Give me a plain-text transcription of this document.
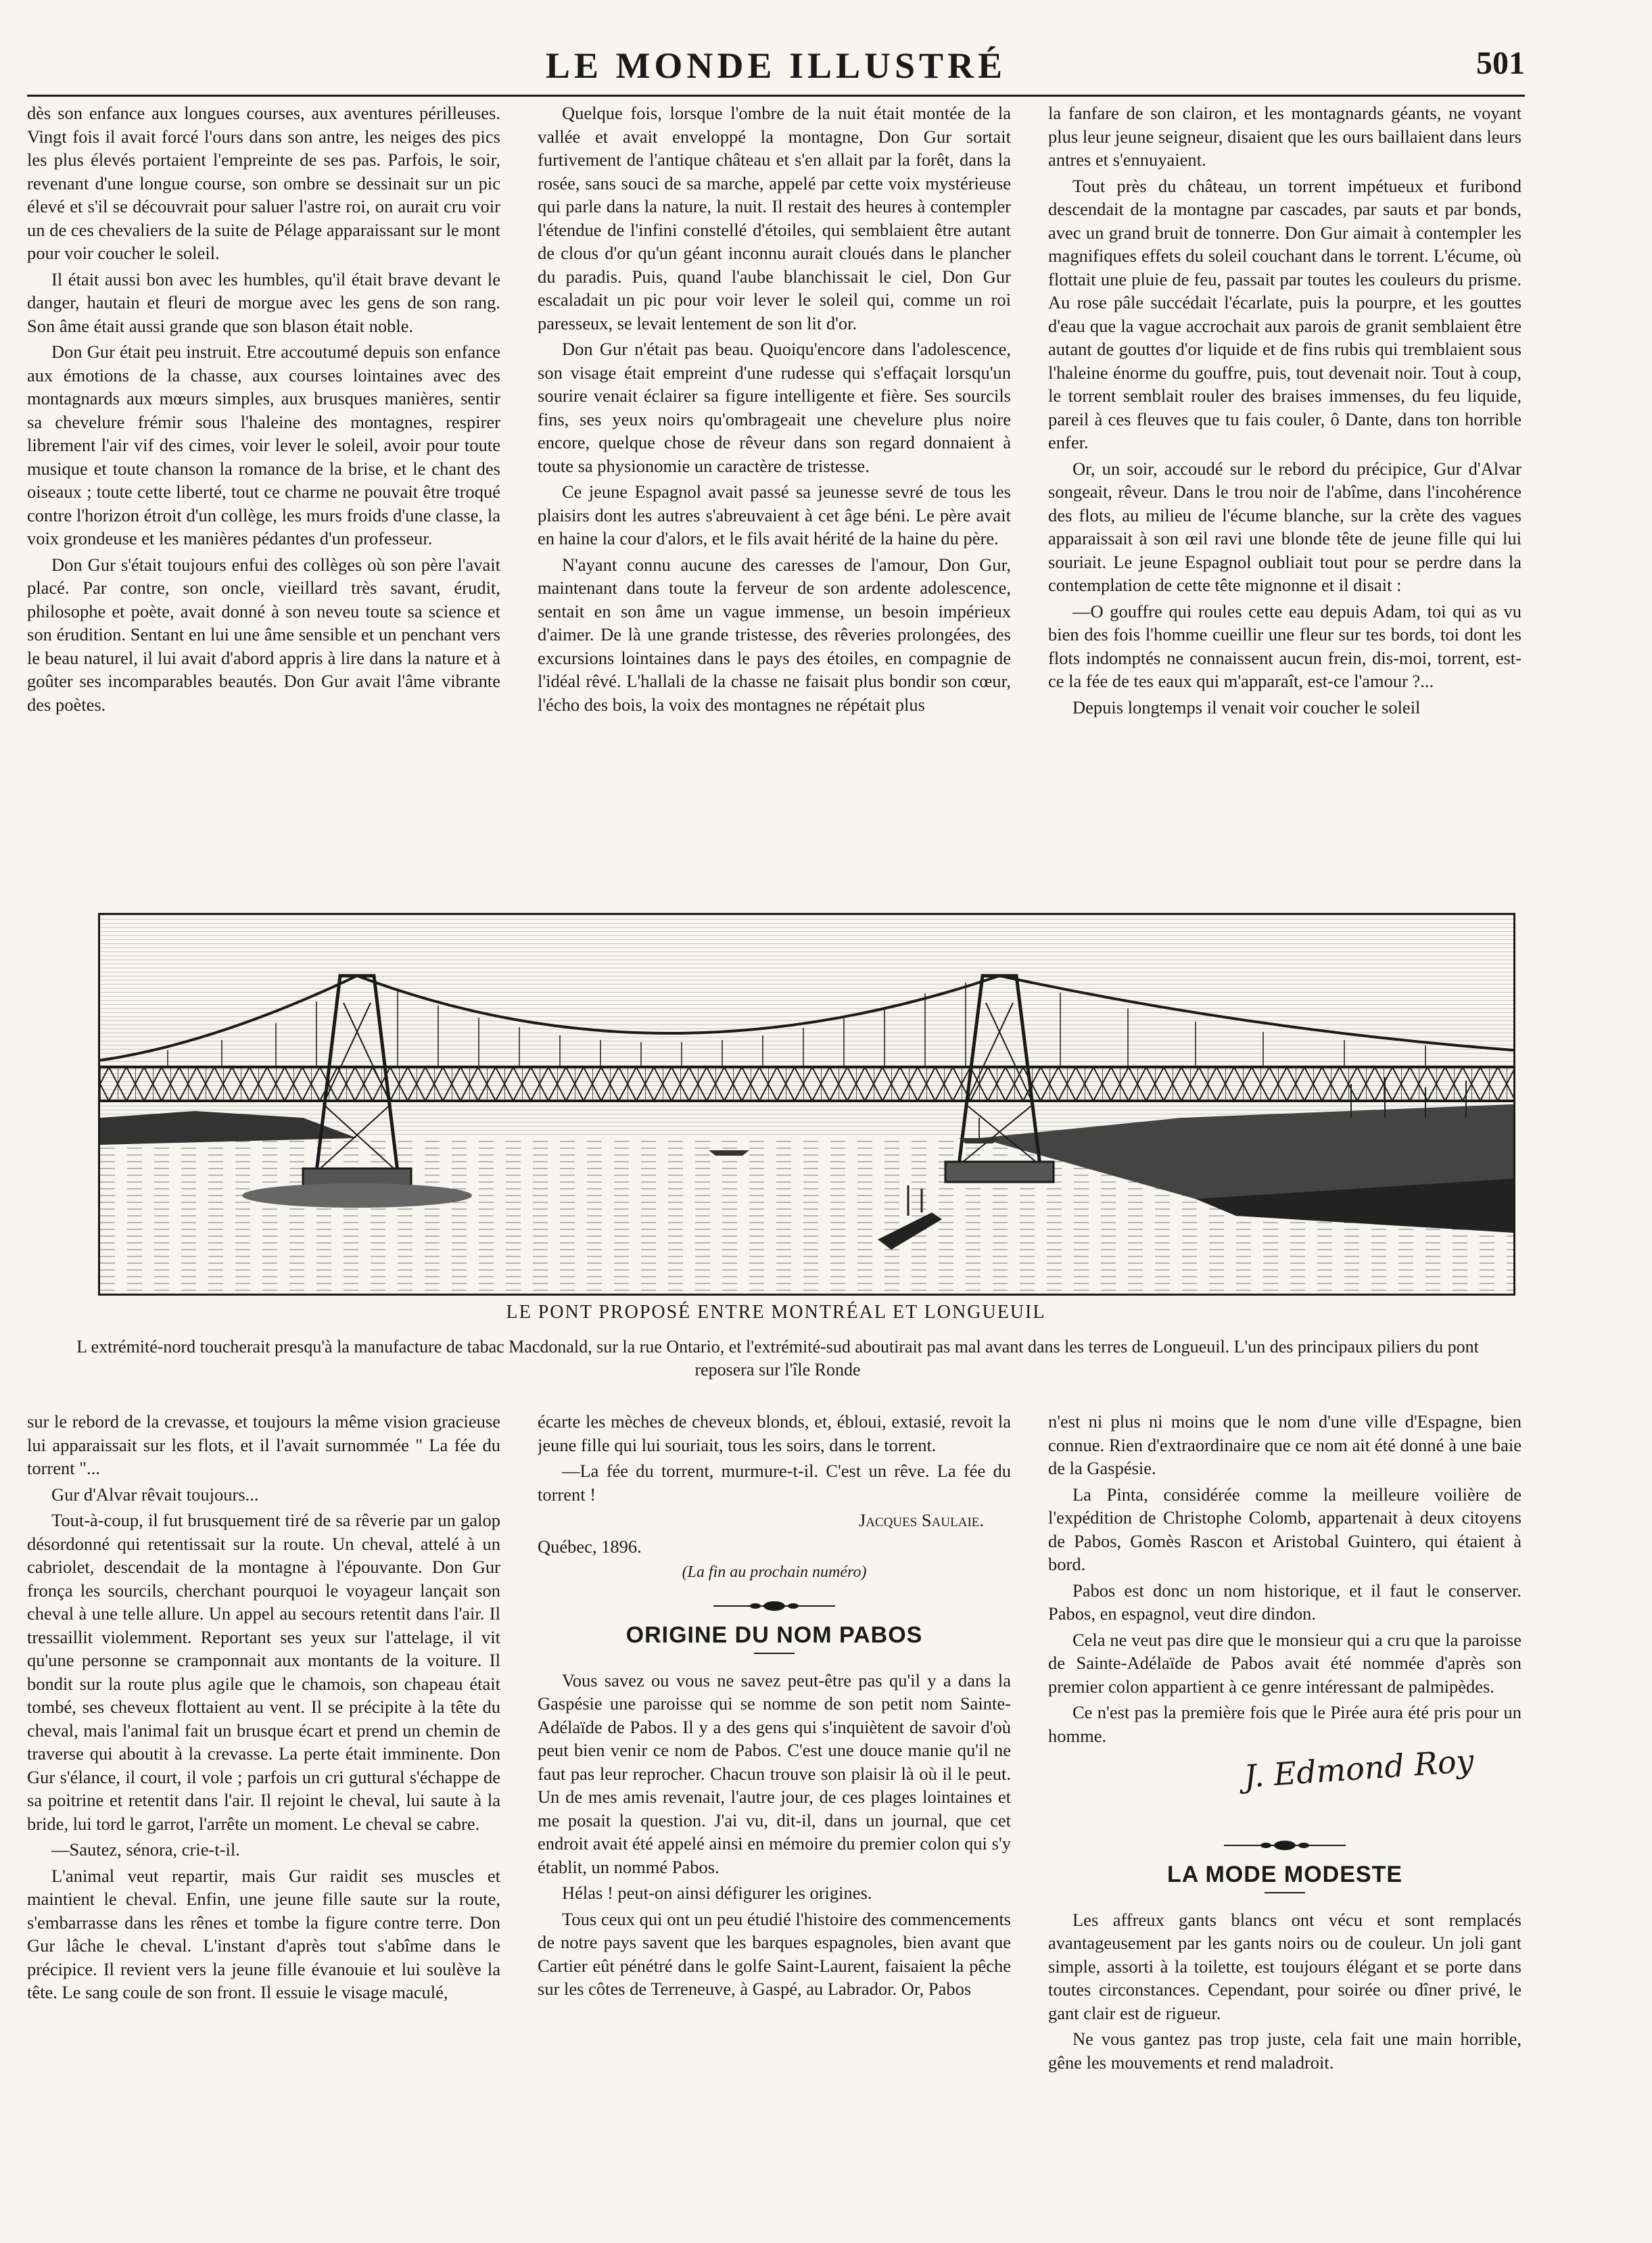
LE MONDE ILLUSTRÉ	501

dès son enfance aux longues courses, aux aventures périlleuses. Vingt fois il avait forcé l'ours dans son antre, les neiges des pics les plus élevés portaient l'empreinte de ses pas. Parfois, le soir, revenant d'une longue course, son ombre se dessinait sur un pic élevé et s'il se découvrait pour saluer l'astre roi, on aurait cru voir un de ces chevaliers de la suite de Pélage apparaissant sur le mont pour voir coucher le soleil.

Il était aussi bon avec les humbles, qu'il était brave devant le danger, hautain et fleuri de morgue avec les gens de son rang. Son âme était aussi grande que son blason était noble.

Don Gur était peu instruit. Etre accoutumé depuis son enfance aux émotions de la chasse, aux courses lointaines avec des montagnards aux mœurs simples, aux brusques manières, sentir sa chevelure frémir sous l'haleine des montagnes, respirer librement l'air vif des cimes, voir lever le soleil, avoir pour toute musique et toute chanson la romance de la brise, et le chant des oiseaux ; toute cette liberté, tout ce charme ne pouvait être troqué contre l'horizon étroit d'un collège, les murs froids d'une classe, la voix grondeuse et les manières pédantes d'un professeur.

Don Gur s'était toujours enfui des collèges où son père l'avait placé. Par contre, son oncle, vieillard très savant, érudit, philosophe et poète, avait donné à son neveu toute sa science et son érudition. Sentant en lui une âme sensible et un penchant vers le beau naturel, il lui avait d'abord appris à lire dans la nature et à goûter ses incomparables beautés. Don Gur avait l'âme vibrante des poètes.

Quelque fois, lorsque l'ombre de la nuit était montée de la vallée et avait enveloppé la montagne, Don Gur sortait furtivement de l'antique château et s'en allait par la forêt, dans la rosée, sans souci de sa marche, appelé par cette voix mystérieuse qui parle dans la nature, la nuit. Il restait des heures à contempler l'étendue de l'infini constellé d'étoiles, qui semblaient être autant de clous d'or qu'un géant inconnu aurait cloués dans le plancher du paradis. Puis, quand l'aube blanchissait le ciel, Don Gur escaladait un pic pour voir lever le soleil qui, comme un roi paresseux, se levait lentement de son lit d'or.

Don Gur n'était pas beau. Quoiqu'encore dans l'adolescence, son visage était empreint d'une rudesse qui s'effaçait lorsqu'un sourire venait éclairer sa figure intelligente et fière. Ses sourcils fins, ses yeux noirs qu'ombrageait une chevelure plus noire encore, quelque chose de rêveur dans son regard donnaient à toute sa physionomie un caractère de tristesse.

Ce jeune Espagnol avait passé sa jeunesse sevré de tous les plaisirs dont les autres s'abreuvaient à cet âge béni. Le père avait en haine la cour d'alors, et le fils avait hérité de la haine du père.

N'ayant connu aucune des caresses de l'amour, Don Gur, maintenant dans toute la ferveur de son ardente adolescence, sentait en son âme un vague immense, un besoin impérieux d'aimer. De là une grande tristesse, des rêveries prolongées, des excursions lointaines dans le pays des étoiles, en compagnie de l'idéal rêvé. L'hallali de la chasse ne faisait plus bondir son cœur, l'écho des bois, la voix des montagnes ne répétait plus

la fanfare de son clairon, et les montagnards géants, ne voyant plus leur jeune seigneur, disaient que les ours baillaient dans leurs antres et s'ennuyaient.

Tout près du château, un torrent impétueux et furibond descendait de la montagne par cascades, par sauts et par bonds, avec un grand bruit de tonnerre. Don Gur aimait à contempler les magnifiques effets du soleil couchant dans le torrent. L'écume, où flottait une pluie de feu, passait par toutes les couleurs du prisme. Au rose pâle succédait l'écarlate, puis la pourpre, et les gouttes d'eau que la vague accrochait aux parois de granit semblaient être autant de gouttes d'or liquide et de fins rubis qui tremblaient sous l'haleine énorme du gouffre, puis, tout devenait noir. Tout à coup, le torrent semblait rouler des braises immenses, du feu liquide, pareil à ces fleuves que tu fais couler, ô Dante, dans ton horrible enfer.

Or, un soir, accoudé sur le rebord du précipice, Gur d'Alvar songeait, rêveur. Dans le trou noir de l'abîme, dans l'incohérence des flots, au milieu de l'écume blanche, sur la crète des vagues apparaissait à son œil ravi une blonde tête de jeune fille qui lui souriait. Le jeune Espagnol oubliait tout pour se perdre dans la contemplation de cette tête mignonne et il disait :

—O gouffre qui roules cette eau depuis Adam, toi qui as vu bien des fois l'homme cueillir une fleur sur tes bords, toi dont les flots indomptés ne connaissent aucun frein, dis-moi, torrent, est-ce la fée de tes eaux qui m'apparaît, est-ce l'amour ?...

Depuis longtemps il venait voir coucher le soleil

LE PONT PROPOSÉ ENTRE MONTRÉAL ET LONGUEUIL
L extrémité-nord toucherait presqu'à la manufacture de tabac Macdonald, sur la rue Ontario, et l'extrémité-sud aboutirait pas mal avant dans les terres de Longueuil. L'un des principaux piliers du pont reposera sur l'île Ronde

sur le rebord de la crevasse, et toujours la même vision gracieuse lui apparaissait sur les flots, et il l'avait surnommée " La fée du torrent "...

Gur d'Alvar rêvait toujours...

Tout-à-coup, il fut brusquement tiré de sa rêverie par un galop désordonné qui retentissait sur la route. Un cheval, attelé à un cabriolet, descendait de la montagne à l'épouvante. Don Gur fronça les sourcils, cherchant pourquoi le voyageur lançait son cheval à une telle allure. Un appel au secours retentit dans l'air. Il tressaillit violemment. Reportant ses yeux sur l'attelage, il vit qu'une personne se cramponnait aux montants de la voiture. Il bondit sur la route plus agile que le chamois, son chapeau était tombé, ses cheveux flottaient au vent. Il se précipite à la tête du cheval, mais l'animal fait un brusque écart et prend un chemin de traverse qui aboutit à la crevasse. La perte était imminente. Don Gur s'élance, il court, il vole ; parfois un cri guttural s'échappe de sa poitrine et retentit dans l'air. Il rejoint le cheval, lui saute à la bride, lui tord le garrot, l'arrête un moment. Le cheval se cabre.

—Sautez, sénora, crie-t-il.

L'animal veut repartir, mais Gur raidit ses muscles et maintient le cheval. Enfin, une jeune fille saute sur la route, s'embarrasse dans les rênes et tombe la figure contre terre. Don Gur lâche le cheval. L'instant d'après tout s'abîme dans le précipice. Il revient vers la jeune fille évanouie et lui soulève la tête. Le sang coule de son front. Il essuie le visage maculé,

écarte les mèches de cheveux blonds, et, ébloui, extasié, revoit la jeune fille qui lui souriait, tous les soirs, dans le torrent.

—La fée du torrent, murmure-t-il. C'est un rêve. La fée du torrent !

Jacques Saulaie.

Québec, 1896.

(La fin au prochain numéro)

ORIGINE DU NOM PABOS

Vous savez ou vous ne savez peut-être pas qu'il y a dans la Gaspésie une paroisse qui se nomme de son petit nom Sainte-Adélaïde de Pabos. Il y a des gens qui s'inquiètent de savoir d'où peut bien venir ce nom de Pabos. C'est une douce manie qu'il ne faut pas leur reprocher. Chacun trouve son plaisir là où il le peut. Un de mes amis revenait, l'autre jour, de ces plages lointaines et me posait la question. J'ai vu, dit-il, dans un journal, que cet endroit avait été appelé ainsi en mémoire du premier colon qui s'y établit, un nommé Pabos.

Hélas ! peut-on ainsi défigurer les origines.

Tous ceux qui ont un peu étudié l'histoire des commencements de notre pays savent que les barques espagnoles, bien avant que Cartier eût pénétré dans le golfe Saint-Laurent, faisaient la pêche sur les côtes de Terreneuve, à Gaspé, au Labrador. Or, Pabos

n'est ni plus ni moins que le nom d'une ville d'Espagne, bien connue. Rien d'extraordinaire que ce nom ait été donné à une baie de la Gaspésie.

La Pinta, considérée comme la meilleure voilière de l'expédition de Christophe Colomb, appartenait à deux citoyens de Pabos, Gomès Rascon et Aristobal Guintero, qui étaient à bord.

Pabos est donc un nom historique, et il faut le conserver. Pabos, en espagnol, veut dire dindon.

Cela ne veut pas dire que le monsieur qui a cru que la paroisse de Sainte-Adélaïde de Pabos avait été nommée d'après son premier colon appartient à ce genre intéressant de palmipèdes.

Ce n'est pas la première fois que le Pirée aura été pris pour un homme.

J. Edmond Roy
LA MODE MODESTE

Les affreux gants blancs ont vécu et sont remplacés avantageusement par les gants noirs ou de couleur. Un joli gant simple, assorti à la toilette, est toujours élégant et se porte dans toutes circonstances. Cependant, pour soirée ou dîner privé, le gant clair est de rigueur.

Ne vous gantez pas trop juste, cela fait une main horrible, gêne les mouvements et rend maladroit.
